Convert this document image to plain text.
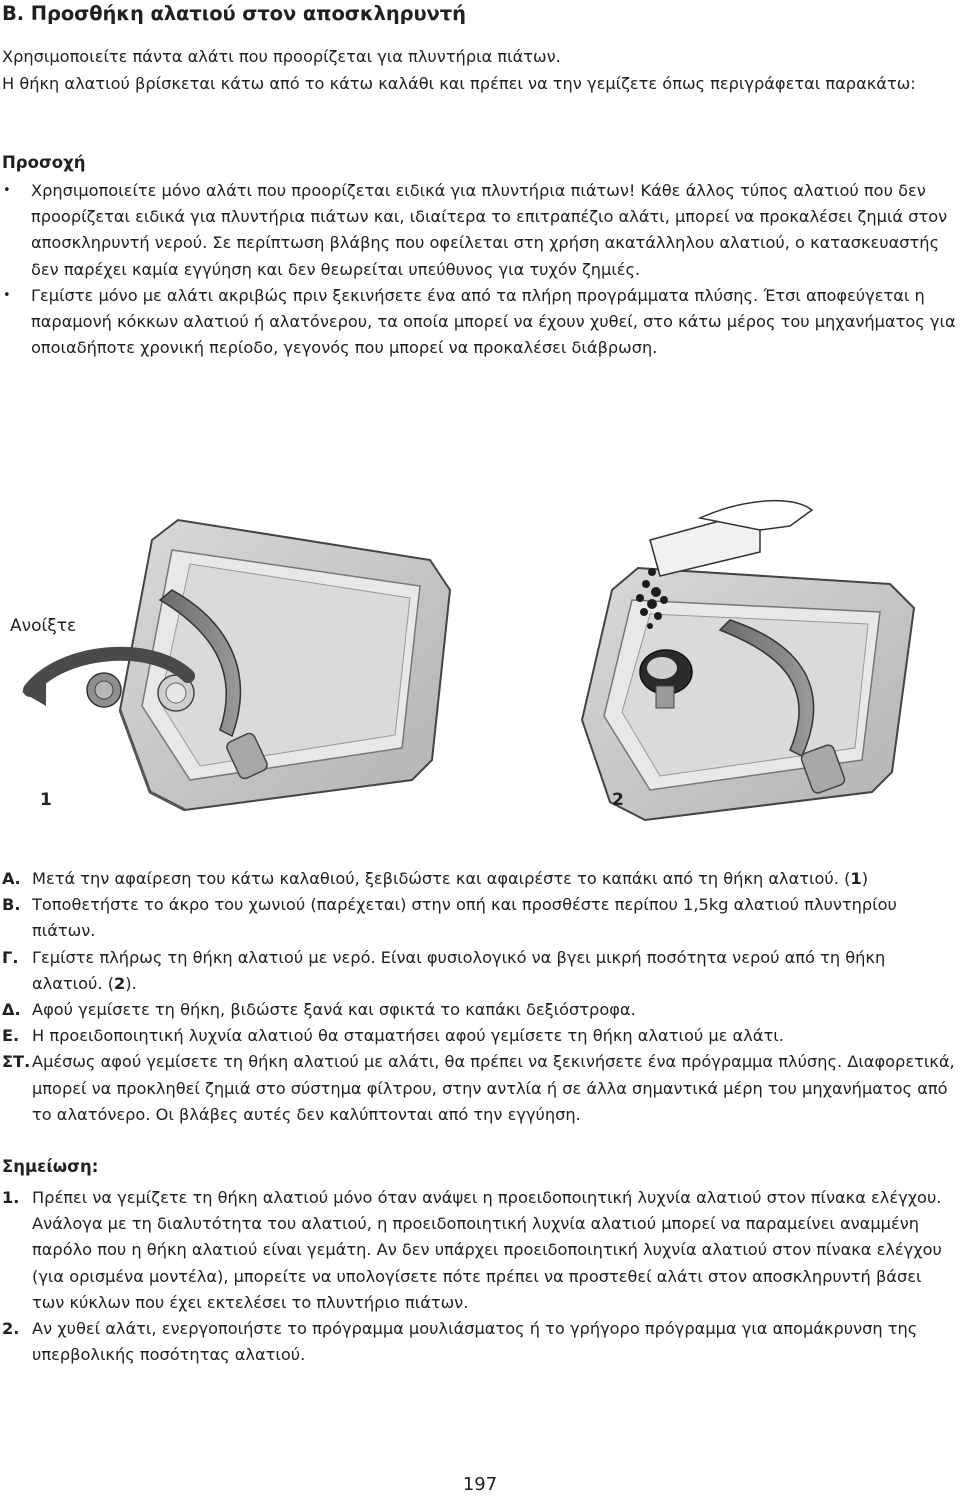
Β. Προσθήκη αλατιού στον αποσκληρυντή

Χρησιμοποιείτε πάντα αλάτι που προορίζεται για πλυντήρια πιάτων.

Η θήκη αλατιού βρίσκεται κάτω από το κάτω καλάθι και πρέπει να την γεμίζετε όπως περιγράφεται παρακάτω:

Προσοχή
• Χρησιμοποιείτε μόνο αλάτι που προορίζεται ειδικά για πλυντήρια πιάτων! Κάθε άλλος τύπος αλατιού που δεν προορίζεται ειδικά για πλυντήρια πιάτων και, ιδιαίτερα το επιτραπέζιο αλάτι, μπορεί να προκαλέσει ζημιά στον αποσκληρυντή νερού. Σε περίπτωση βλάβης που οφείλεται στη χρήση ακατάλληλου αλατιού, ο κατασκευαστής δεν παρέχει καμία εγγύηση και δεν θεωρείται υπεύθυνος για τυχόν ζημιές.
• Γεμίστε μόνο με αλάτι ακριβώς πριν ξεκινήσετε ένα από τα πλήρη προγράμματα πλύσης. Έτσι αποφεύγεται η παραμονή κόκκων αλατιού ή αλατόνερου, τα οποία μπορεί να έχουν χυθεί, στο κάτω μέρος του μηχανήματος για οποιαδήποτε χρονική περίοδο, γεγονός που μπορεί να προκαλέσει διάβρωση.
Ανοίξτε
1	2

Α. Μετά την αφαίρεση του κάτω καλαθιού, ξεβιδώστε και αφαιρέστε το καπάκι από τη θήκη αλατιού. (1)

Β. Τοποθετήστε το άκρο του χωνιού (παρέχεται) στην οπή και προσθέστε περίπου 1,5kg αλατιού πλυντηρίου πιάτων.

Γ. Γεμίστε πλήρως τη θήκη αλατιού με νερό. Είναι φυσιολογικό να βγει μικρή ποσότητα νερού από τη θήκη αλατιού. (2).

Δ. Αφού γεμίσετε τη θήκη, βιδώστε ξανά και σφικτά το καπάκι δεξιόστροφα.

Ε. Η προειδοποιητική λυχνία αλατιού θα σταματήσει αφού γεμίσετε τη θήκη αλατιού με αλάτι.

ΣΤ. Αμέσως αφού γεμίσετε τη θήκη αλατιού με αλάτι, θα πρέπει να ξεκινήσετε ένα πρόγραμμα πλύσης. Διαφορετικά, μπορεί να προκληθεί ζημιά στο σύστημα φίλτρου, στην αντλία ή σε άλλα σημαντικά μέρη του μηχανήματος από το αλατόνερο. Οι βλάβες αυτές δεν καλύπτονται από την εγγύηση.

Σημείωση:

1. Πρέπει να γεμίζετε τη θήκη αλατιού μόνο όταν ανάψει η προειδοποιητική λυχνία αλατιού στον πίνακα ελέγχου. Ανάλογα με τη διαλυτότητα του αλατιού, η προειδοποιητική λυχνία αλατιού μπορεί να παραμείνει αναμμένη παρόλο που η θήκη αλατιού είναι γεμάτη. Αν δεν υπάρχει προειδοποιητική λυχνία αλατιού στον πίνακα ελέγχου (για ορισμένα μοντέλα), μπορείτε να υπολογίσετε πότε πρέπει να προστεθεί αλάτι στον αποσκληρυντή βάσει των κύκλων που έχει εκτελέσει το πλυντήριο πιάτων.

2. Αν χυθεί αλάτι, ενεργοποιήστε το πρόγραμμα μουλιάσματος ή το γρήγορο πρόγραμμα για απομάκρυνση της υπερβολικής ποσότητας αλατιού.

197
